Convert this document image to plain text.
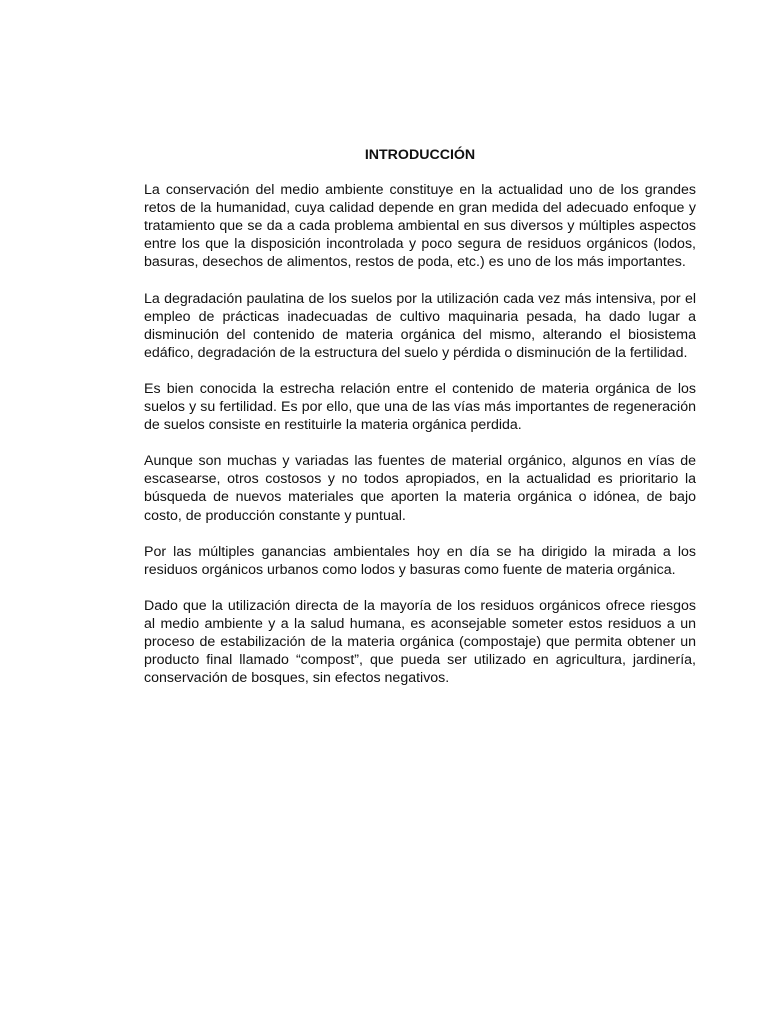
INTRODUCCIÓN

La conservación del medio ambiente constituye en la actualidad uno de los grandes retos de la humanidad, cuya calidad depende en gran medida del adecuado enfoque y tratamiento que se da a cada problema ambiental en sus diversos y múltiples aspectos entre los que la disposición incontrolada y poco segura de residuos orgánicos (lodos, basuras, desechos de alimentos, restos de poda, etc.) es uno de los más importantes.

La degradación paulatina de los suelos por la utilización cada vez más intensiva, por el empleo de prácticas inadecuadas de cultivo maquinaria pesada, ha dado lugar a disminución del contenido de materia orgánica del mismo, alterando el biosistema edáfico, degradación de la estructura del suelo y pérdida o disminución de la fertilidad.

Es bien conocida la estrecha relación entre el contenido de materia orgánica de los suelos y su fertilidad. Es por ello, que una de las vías más importantes de regeneración de suelos consiste en restituirle la materia orgánica perdida.

Aunque son muchas y variadas las fuentes de material orgánico, algunos en vías de escasearse, otros costosos y no todos apropiados, en la actualidad es prioritario la búsqueda de nuevos materiales que aporten la materia orgánica o idónea, de bajo costo, de producción constante y puntual.

Por las múltiples ganancias ambientales hoy en día se ha dirigido la mirada a los residuos orgánicos urbanos como lodos y basuras como fuente de materia orgánica.

Dado que la utilización directa de la mayoría de los residuos orgánicos ofrece riesgos al medio ambiente y a la salud humana, es aconsejable someter estos residuos a un proceso de estabilización de la materia orgánica (compostaje) que permita obtener un producto final llamado “compost”, que pueda ser utilizado en agricultura, jardinería, conservación de bosques, sin efectos negativos.
